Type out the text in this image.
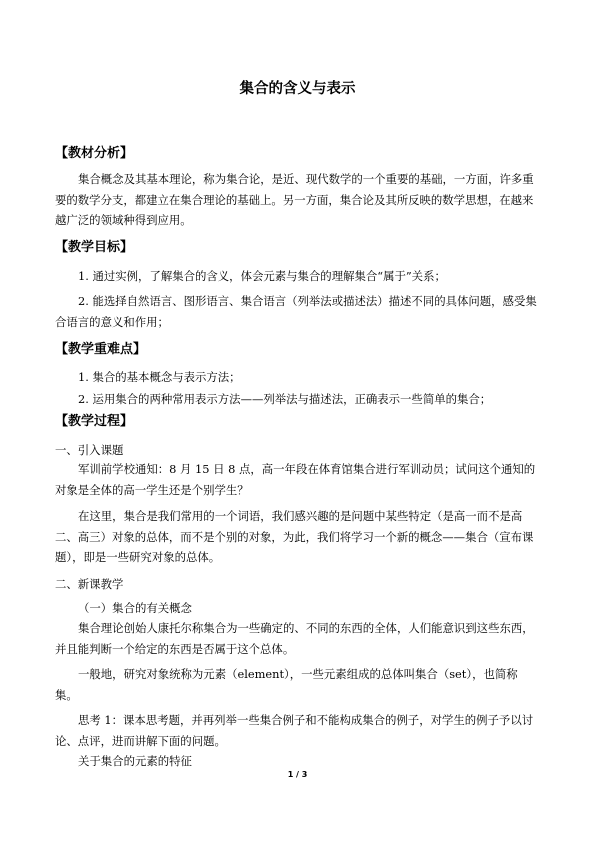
集合的含义与表示
【教材分析】

集合概念及其基本理论，称为集合论，是近、现代数学的一个重要的基础，一方面，许多重要的数学分支，都建立在集合理论的基础上。另一方面，集合论及其所反映的数学思想，在越来越广泛的领域种得到应用。

【教学目标】

1. 通过实例，了解集合的含义，体会元素与集合的理解集合“属于”关系；

2. 能选择自然语言、图形语言、集合语言（列举法或描述法）描述不同的具体问题，感受集合语言的意义和作用；

【教学重难点】

1. 集合的基本概念与表示方法；

2. 运用集合的两种常用表示方法——列举法与描述法，正确表示一些简单的集合；

【教学过程】

一、引入课题

军训前学校通知：8 月 15 日 8 点，高一年段在体育馆集合进行军训动员；试问这个通知的对象是全体的高一学生还是个别学生？

在这里，集合是我们常用的一个词语，我们感兴趣的是问题中某些特定（是高一而不是高二、高三）对象的总体，而不是个别的对象，为此，我们将学习一个新的概念——集合（宣布课题），即是一些研究对象的总体。

二、新课教学

（一）集合的有关概念

集合理论创始人康托尔称集合为一些确定的、不同的东西的全体，人们能意识到这些东西，并且能判断一个给定的东西是否属于这个总体。

一般地，研究对象统称为元素（element），一些元素组成的总体叫集合（set），也简称集。

思考 1：课本思考题，并再列举一些集合例子和不能构成集合的例子，对学生的例子予以讨论、点评，进而讲解下面的问题。

关于集合的元素的特征

1 / 3
